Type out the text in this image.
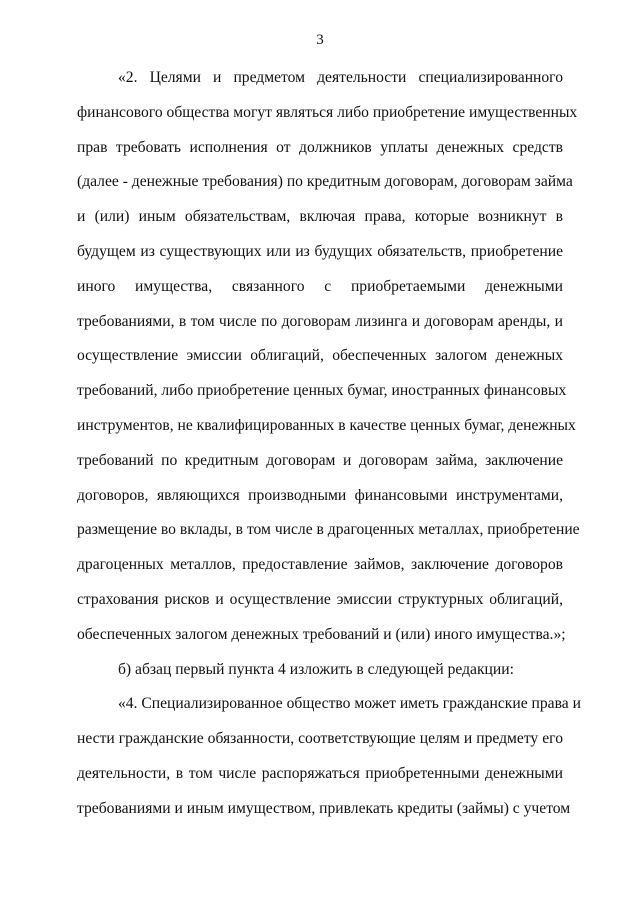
3
«2. Целями и предметом деятельности специализированного
финансового общества могут являться либо приобретение имущественных
прав требовать исполнения от должников уплаты денежных средств
(далее - денежные требования) по кредитным договорам, договорам займа
и (или) иным обязательствам, включая права, которые возникнут в
будущем из существующих или из будущих обязательств, приобретение
иного имущества, связанного с приобретаемыми денежными
требованиями, в том числе по договорам лизинга и договорам аренды, и
осуществление эмиссии облигаций, обеспеченных залогом денежных
требований, либо приобретение ценных бумаг, иностранных финансовых
инструментов, не квалифицированных в качестве ценных бумаг, денежных
требований по кредитным договорам и договорам займа, заключение
договоров, являющихся производными финансовыми инструментами,
размещение во вклады, в том числе в драгоценных металлах, приобретение
драгоценных металлов, предоставление займов, заключение договоров
страхования рисков и осуществление эмиссии структурных облигаций,
обеспеченных залогом денежных требований и (или) иного имущества.»;
б) абзац первый пункта 4 изложить в следующей редакции:
«4. Специализированное общество может иметь гражданские права и
нести гражданские обязанности, соответствующие целям и предмету его
деятельности, в том числе распоряжаться приобретенными денежными
требованиями и иным имуществом, привлекать кредиты (займы) с учетом
